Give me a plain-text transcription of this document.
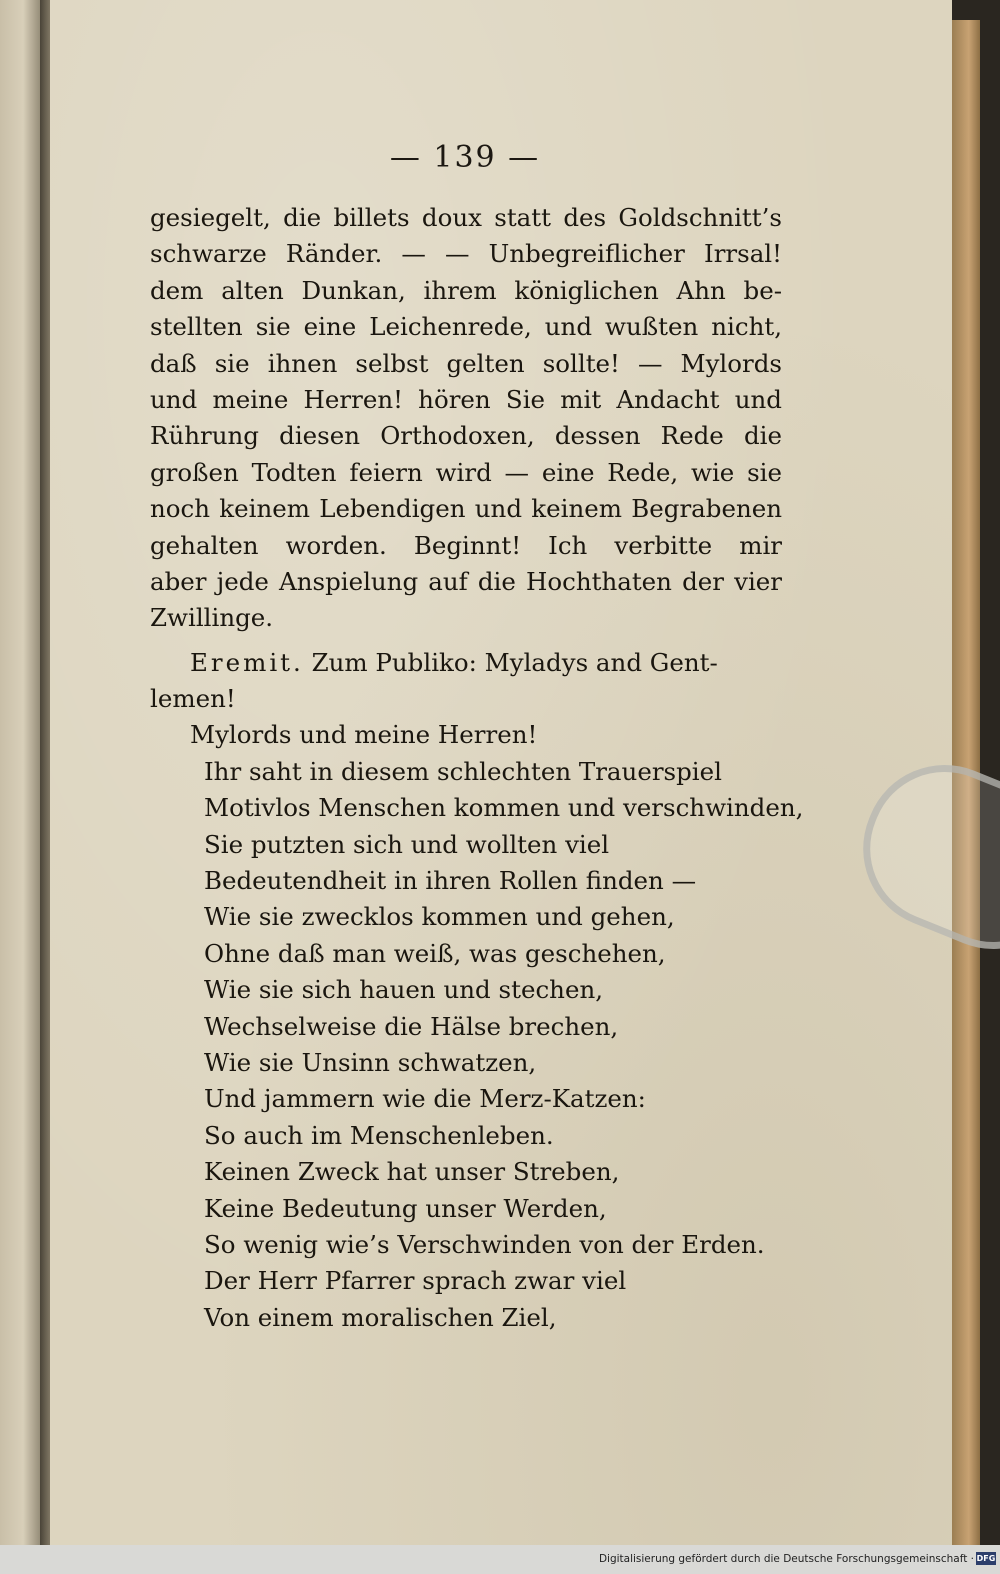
— 139 —
gesiegelt, die billets doux statt des Goldschnitt’s
schwarze Ränder. — — Unbegreiflicher Irrsal!
dem alten Dunkan, ihrem königlichen Ahn be-
stellten sie eine Leichenrede, und wußten nicht,
daß sie ihnen selbst gelten sollte! — Mylords
und meine Herren! hören Sie mit Andacht und
Rührung diesen Orthodoxen, dessen Rede die
großen Todten feiern wird — eine Rede, wie sie
noch keinem Lebendigen und keinem Begrabenen
gehalten worden. Beginnt! Ich verbitte mir
aber jede Anspielung auf die Hochthaten der vier
Zwillinge.
Eremit. Zum Publiko: Myladys and Gent-
lemen!
Mylords und meine Herren!
Ihr saht in diesem schlechten Trauerspiel
Motivlos Menschen kommen und verschwinden,
Sie putzten sich und wollten viel
Bedeutendheit in ihren Rollen finden —
Wie sie zwecklos kommen und gehen,
Ohne daß man weiß, was geschehen,
Wie sie sich hauen und stechen,
Wechselweise die Hälse brechen,
Wie sie Unsinn schwatzen,
Und jammern wie die Merz-Katzen:
So auch im Menschenleben.
Keinen Zweck hat unser Streben,
Keine Bedeutung unser Werden,
So wenig wie’s Verschwinden von der Erden.
Der Herr Pfarrer sprach zwar viel
Von einem moralischen Ziel,
Digitalisierung gefördert durch die Deutsche Forschungsgemeinschaft · DFG
